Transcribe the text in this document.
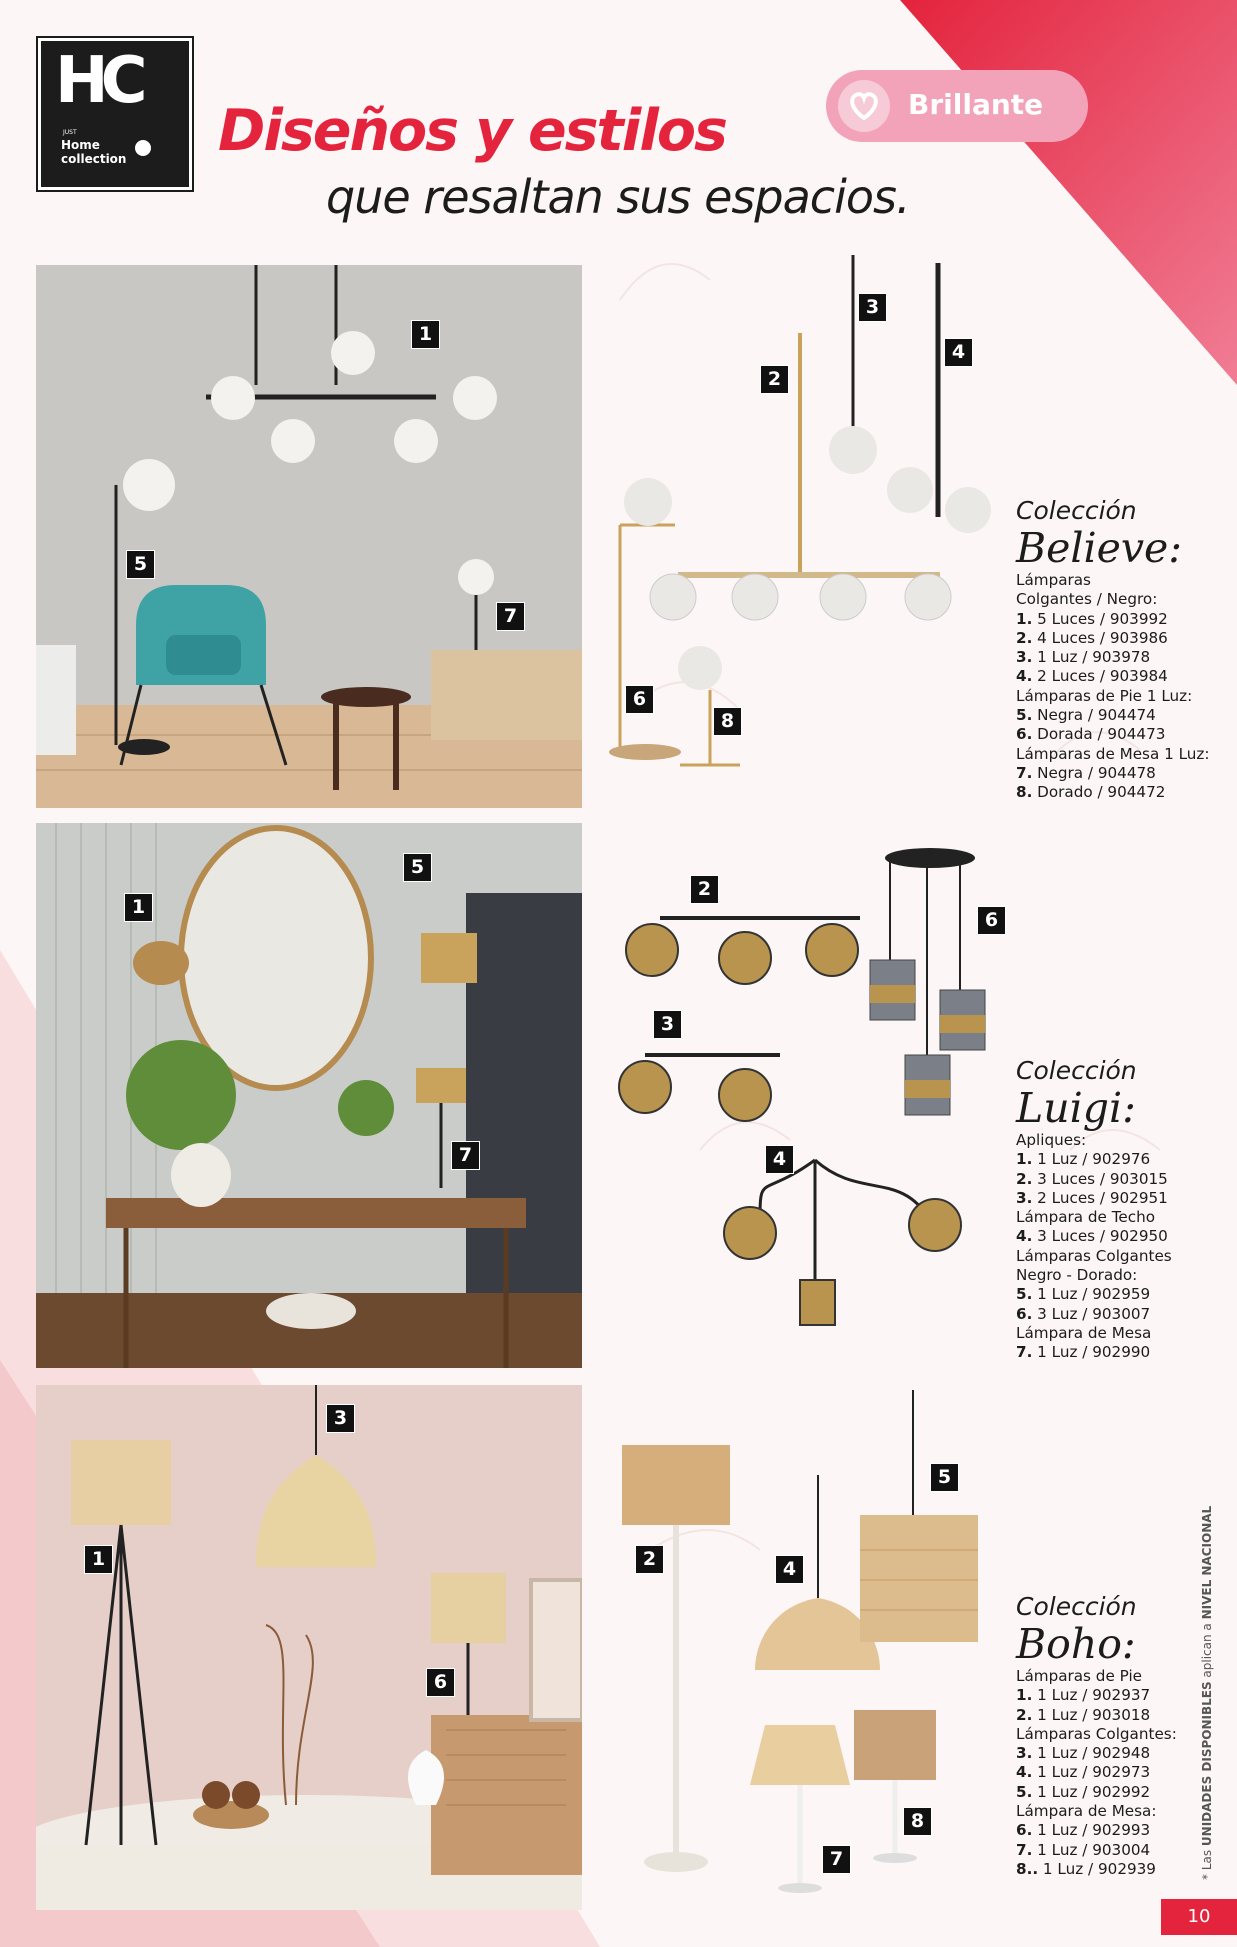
HC
JUST
Home
collection Diseños y estilos
que resaltan sus espacios.
Brillante
1
5
7
2
3
4
6
8
Colección
Believe:
Lámparas
Colgantes / Negro:
1. 5 Luces / 903992
2. 4 Luces / 903986
3. 1 Luz / 903978
4. 2 Luces / 903984
Lámparas de Pie 1 Luz:
5. Negra / 904474
6. Dorada / 904473
Lámparas de Mesa 1 Luz:
7. Negra / 904478
8. Dorado / 904472
1
5
7
2
3
4
6
Colección
Luigi:
Apliques:
1. 1 Luz / 902976
2. 3 Luces / 903015
3. 2 Luces / 902951
Lámpara de Techo
4. 3 Luces / 902950
Lámparas Colgantes
Negro - Dorado:
5. 1 Luz / 902959
6. 3 Luz / 903007
Lámpara de Mesa
7. 1 Luz / 902990
1
3
6
2	4
5
7
8
Colección
Boho:
Lámparas de Pie
1. 1 Luz / 902937
2. 1 Luz / 903018
Lámparas Colgantes:
3. 1 Luz / 902948
4. 1 Luz / 902973
5. 1 Luz / 902992
Lámpara de Mesa:
6. 1 Luz / 902993
7. 1 Luz / 903004
8.. 1 Luz / 902939	* Las UNIDADES DISPONIBLES aplican a NIVEL NACIONAL
10
